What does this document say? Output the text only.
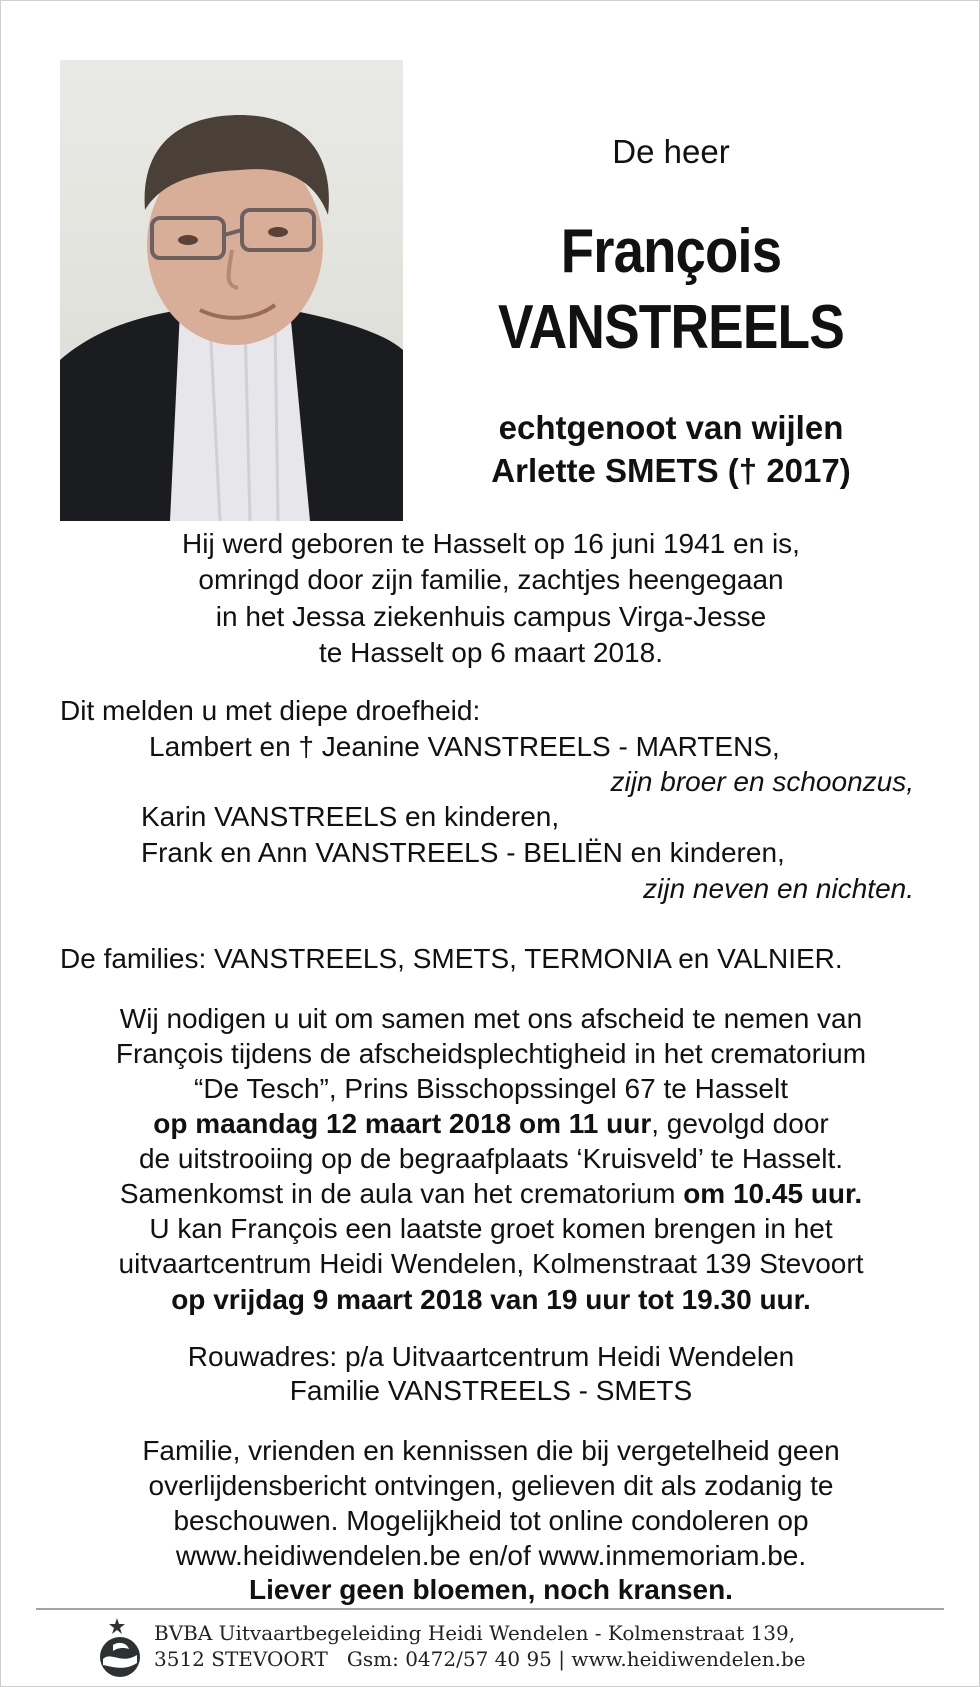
De heer
François
VANSTREELS
echtgenoot van wijlen
Arlette SMETS († 2017)
Hij werd geboren te Hasselt op 16 juni 1941 en is,
omringd door zijn familie, zachtjes heengegaan
in het Jessa ziekenhuis campus Virga-Jesse
te Hasselt op 6 maart 2018.
Dit melden u met diepe droefheid:
Lambert en † Jeanine VANSTREELS - MARTENS,
zijn broer en schoonzus,
Karin VANSTREELS en kinderen,
Frank en Ann VANSTREELS - BELIËN en kinderen,
zijn neven en nichten.
De families: VANSTREELS, SMETS, TERMONIA en VALNIER.
Wij nodigen u uit om samen met ons afscheid te nemen van
François tijdens de afscheidsplechtigheid in het crematorium
“De Tesch”, Prins Bisschopssingel 67 te Hasselt
op maandag 12 maart 2018 om 11 uur, gevolgd door
de uitstrooiing op de begraafplaats ‘Kruisveld’ te Hasselt.
Samenkomst in de aula van het crematorium om 10.45 uur.
U kan François een laatste groet komen brengen in het
uitvaartcentrum Heidi Wendelen, Kolmenstraat 139 Stevoort
op vrijdag 9 maart 2018 van 19 uur tot 19.30 uur.
Rouwadres: p/a Uitvaartcentrum Heidi Wendelen
Familie VANSTREELS - SMETS
Familie, vrienden en kennissen die bij vergetelheid geen
overlijdensbericht ontvingen, gelieven dit als zodanig te
beschouwen. Mogelijkheid tot online condoleren op
www.heidiwendelen.be en/of www.inmemoriam.be.
Liever geen bloemen, noch kransen.
BVBA Uitvaartbegeleiding Heidi Wendelen - Kolmenstraat 139,
3512 STEVOORT   Gsm: 0472/57 40 95 | www.heidiwendelen.be
